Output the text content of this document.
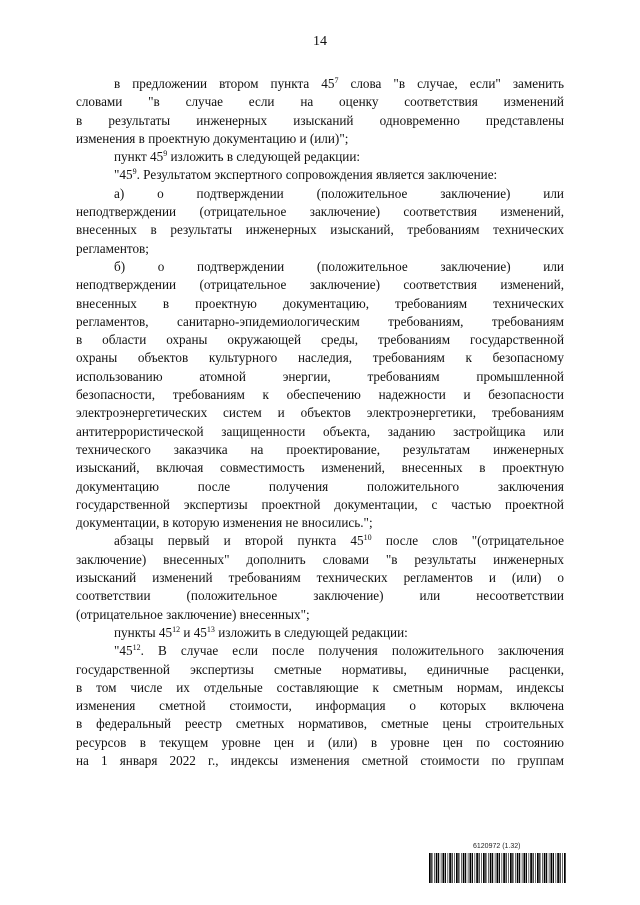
14
в предложении втором пункта $45^7$ слова "в случае, если" заменить
словами "в случае если на оценку соответствия изменений
в результаты инженерных изысканий одновременно представлены
изменения в проектную документацию и (или)";
пункт $45^9$ изложить в следующей редакции:
"$45^9$. Результатом экспертного сопровождения является заключение:
а) о подтверждении (положительное заключение) или
неподтверждении (отрицательное заключение) соответствия изменений,
внесенных в результаты инженерных изысканий, требованиям технических
регламентов;
б) о подтверждении (положительное заключение) или
неподтверждении (отрицательное заключение) соответствия изменений,
внесенных в проектную документацию, требованиям технических
регламентов, санитарно-эпидемиологическим требованиям, требованиям
в области охраны окружающей среды, требованиям государственной
охраны объектов культурного наследия, требованиям к безопасному
использованию атомной энергии, требованиям промышленной
безопасности, требованиям к обеспечению надежности и безопасности
электроэнергетических систем и объектов электроэнергетики, требованиям
антитеррористической защищенности объекта, заданию застройщика или
технического заказчика на проектирование, результатам инженерных
изысканий, включая совместимость изменений, внесенных в проектную
документацию после получения положительного заключения
государственной экспертизы проектной документации, с частью проектной
документации, в которую изменения не вносились.";
абзацы первый и второй пункта $45^{10}$ после слов "(отрицательное
заключение) внесенных" дополнить словами "в результаты инженерных
изысканий изменений требованиям технических регламентов и (или) о
соответствии (положительное заключение) или несоответствии
(отрицательное заключение) внесенных";
пункты $45^{12}$ и $45^{13}$ изложить в следующей редакции:
"$45^{12}$. В случае если после получения положительного заключения
государственной экспертизы сметные нормативы, единичные расценки,
в том числе их отдельные составляющие к сметным нормам, индексы
изменения сметной стоимости, информация о которых включена
в федеральный реестр сметных нормативов, сметные цены строительных
ресурсов в текущем уровне цен и (или) в уровне цен по состоянию
на 1 января 2022 г., индексы изменения сметной стоимости по группам
6120972 (1.32)
